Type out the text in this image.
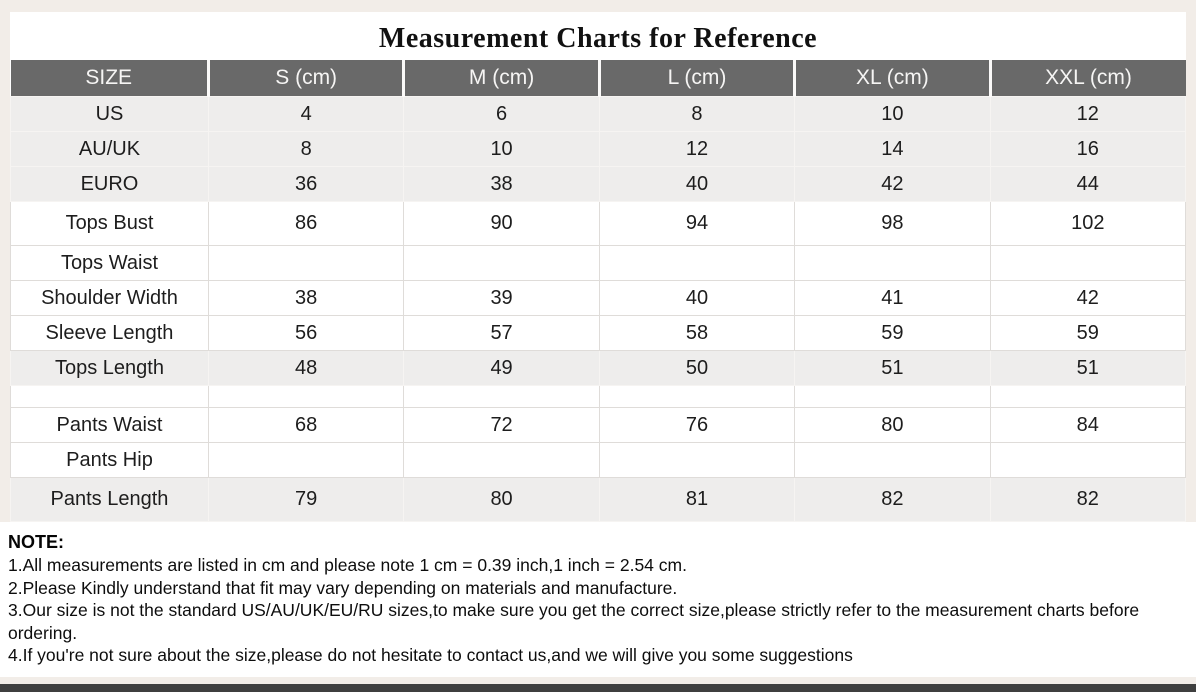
Measurement Charts for Reference
SIZE	S (cm)	M (cm)	L (cm)	XL (cm)	XXL (cm)
US	4	6	8	10	12
AU/UK	8	10	12	14	16
EURO	36	38	40	42	44
Tops Bust	86	90	94	98	102
Tops Waist					
Shoulder Width	38	39	40	41	42
Sleeve Length	56	57	58	59	59
Tops Length	48	49	50	51	51

Pants Waist	68	72	76	80	84
Pants Hip					
Pants Length	79	80	81	82	82
NOTE:
1.All measurements are listed in cm and please note 1 cm = 0.39 inch,1 inch = 2.54 cm.
2.Please Kindly understand that fit may vary depending on materials and manufacture.
3.Our size is not the standard US/AU/UK/EU/RU sizes,to make sure you get the correct size,please strictly refer to the measurement charts before ordering.
4.If you're not sure about the size,please do not hesitate to contact us,and we will give you some suggestions
